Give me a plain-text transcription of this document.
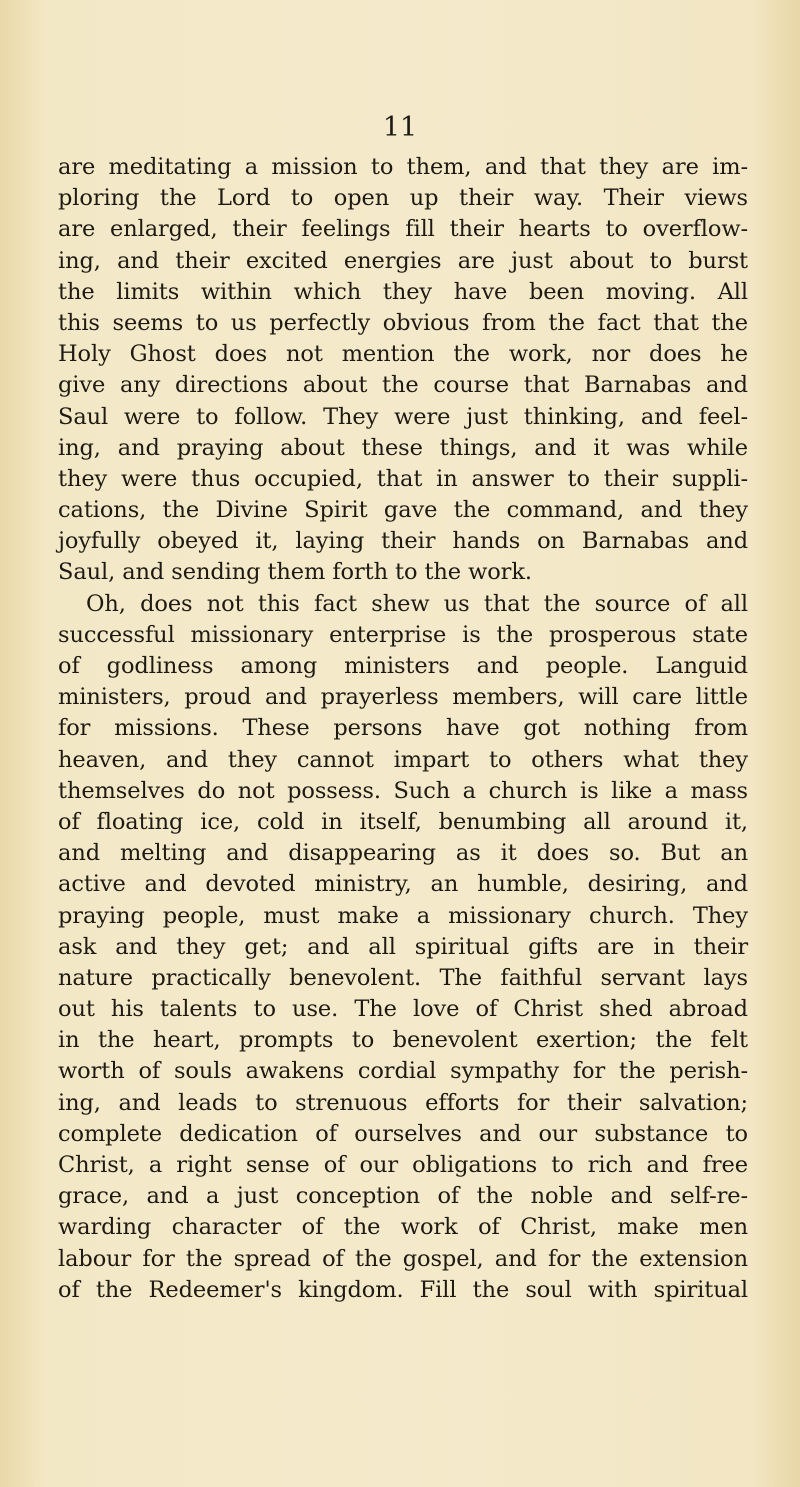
11
are meditating a mission to them, and that they are im-
ploring the Lord to open up their way. Their views
are enlarged, their feelings fill their hearts to overflow-
ing, and their excited energies are just about to burst
the limits within which they have been moving. All
this seems to us perfectly obvious from the fact that the
Holy Ghost does not mention the work, nor does he
give any directions about the course that Barnabas and
Saul were to follow. They were just thinking, and feel-
ing, and praying about these things, and it was while
they were thus occupied, that in answer to their suppli-
cations, the Divine Spirit gave the command, and they
joyfully obeyed it, laying their hands on Barnabas and
Saul, and sending them forth to the work.
Oh, does not this fact shew us that the source of all
successful missionary enterprise is the prosperous state
of godliness among ministers and people. Languid
ministers, proud and prayerless members, will care little
for missions. These persons have got nothing from
heaven, and they cannot impart to others what they
themselves do not possess. Such a church is like a mass
of floating ice, cold in itself, benumbing all around it,
and melting and disappearing as it does so. But an
active and devoted ministry, an humble, desiring, and
praying people, must make a missionary church. They
ask and they get; and all spiritual gifts are in their
nature practically benevolent. The faithful servant lays
out his talents to use. The love of Christ shed abroad
in the heart, prompts to benevolent exertion; the felt
worth of souls awakens cordial sympathy for the perish-
ing, and leads to strenuous efforts for their salvation;
complete dedication of ourselves and our substance to
Christ, a right sense of our obligations to rich and free
grace, and a just conception of the noble and self-re-
warding character of the work of Christ, make men
labour for the spread of the gospel, and for the extension
of the Redeemer's kingdom. Fill the soul with spiritual
